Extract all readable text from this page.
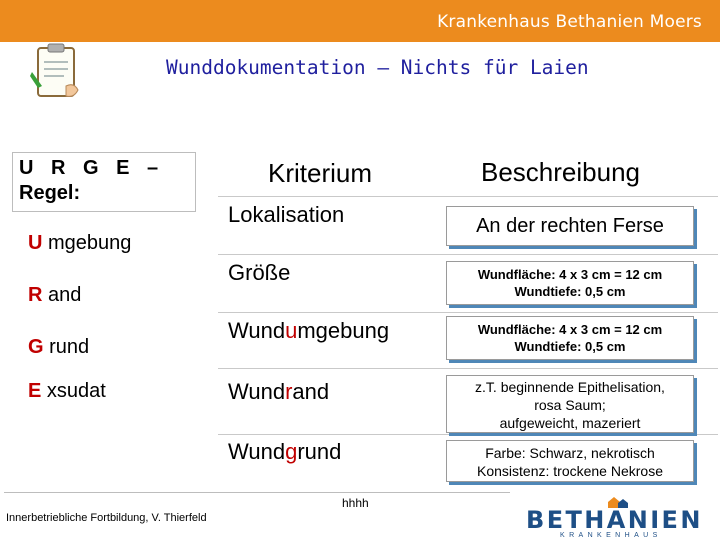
Krankenhaus Bethanien Moers
Wunddokumentation – Nichts für Laien
U R G E –
Regel:
U mgebung
R and
G rund
E xsudat
Kriterium	Beschreibung
Lokalisation
Größe
Wundumgebung
Wundrand
Wundgrund
An der rechten Ferse
Wundfläche: 4 x 3 cm = 12 cm
Wundtiefe: 0,5 cm
Wundfläche: 4 x 3 cm = 12 cm
Wundtiefe: 0,5 cm
z.T. beginnende Epithelisation,
rosa Saum;
aufgeweicht, mazeriert
Farbe: Schwarz, nekrotisch
Konsistenz: trockene Nekrose
hhhh
Innerbetriebliche Fortbildung, V. Thierfeld	BETHANIEN
KRANKENHAUS
